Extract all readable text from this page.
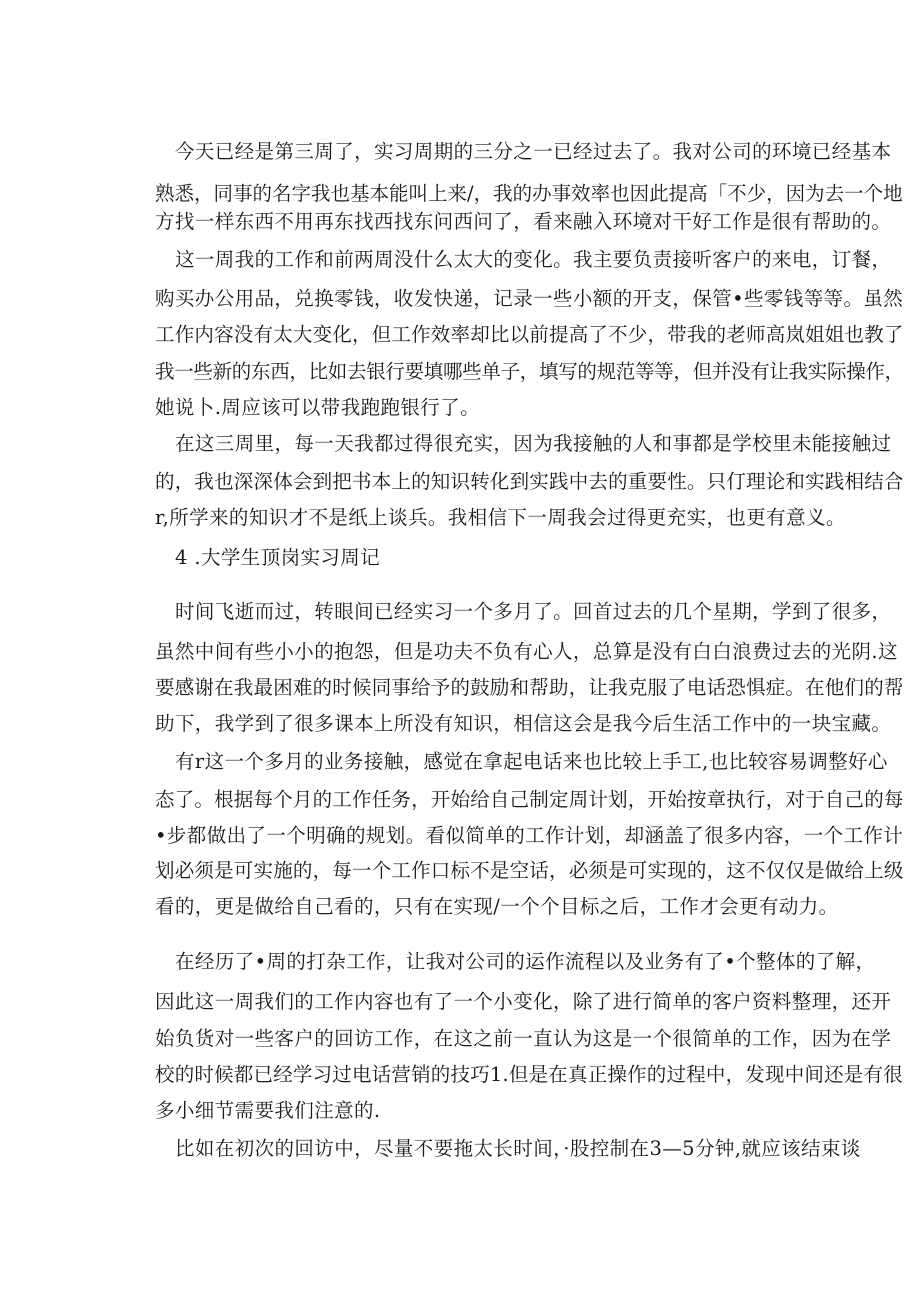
今天已经是第三周了，实习周期的三分之一已经过去了。我对公司的环境已经基本
熟悉，同事的名字我也基本能叫上来/，我的办事效率也因此提高「不少，因为去一个地
方找一样东西不用再东找西找东问西问了，看来融入环境对干好工作是很有帮助的。
这一周我的工作和前两周没什么太大的变化。我主要负责接听客户的来电，订餐，
购买办公用品，兑换零钱，收发快递，记录一些小额的开支，保管•些零钱等等。虽然
工作内容没有太大变化，但工作效率却比以前提高了不少，带我的老师高岚姐姐也教了
我一些新的东西，比如去银行要填哪些单子，填写的规范等等，但并没有让我实际操作，
她说卜.周应该可以带我跑跑银行了。
在这三周里，每一天我都过得很充实，因为我接触的人和事都是学校里未能接触过
的，我也深深体会到把书本上的知识转化到实践中去的重要性。只仃理论和实践相结合
r,所学来的知识才不是纸上谈兵。我相信下一周我会过得更充实，也更有意义。
4 .大学生顶岗实习周记
时间飞逝而过，转眼间已经实习一个多月了。回首过去的几个星期，学到了很多，
虽然中间有些小小的抱怨，但是功夫不负有心人，总算是没有白白浪费过去的光阴.这
要感谢在我最困难的时候同事给予的鼓励和帮助，让我克服了电话恐惧症。在他们的帮
助下，我学到了很多课本上所没有知识，相信这会是我今后生活工作中的一块宝藏。
有r这一个多月的业务接触，感觉在拿起电话来也比较上手工,也比较容易调整好心
态了。根据每个月的工作任务，开始给自己制定周计划，开始按章执行，对于自己的每
•步都做出了一个明确的规划。看似简单的工作计划，却涵盖了很多内容，一个工作计
划必须是可实施的，每一个工作口标不是空话，必须是可实现的，这不仅仅是做给上级
看的，更是做给自己看的，只有在实现/一个个目标之后，工作才会更有动力。
在经历了•周的打杂工作，让我对公司的运作流程以及业务有了•个整体的了解，
因此这一周我们的工作内容也有了一个小变化，除了进行简单的客户资料整理，还开
始负货对一些客户的回访工作，在这之前一直认为这是一个很简单的工作，因为在学
校的时候都已经学习过电话营销的技巧1.但是在真正操作的过程中，发现中间还是有很
多小细节需要我们注意的.
比如在初次的回访中，尽量不要拖太长时间，·股控制在3—5分钟,就应该结束谈
